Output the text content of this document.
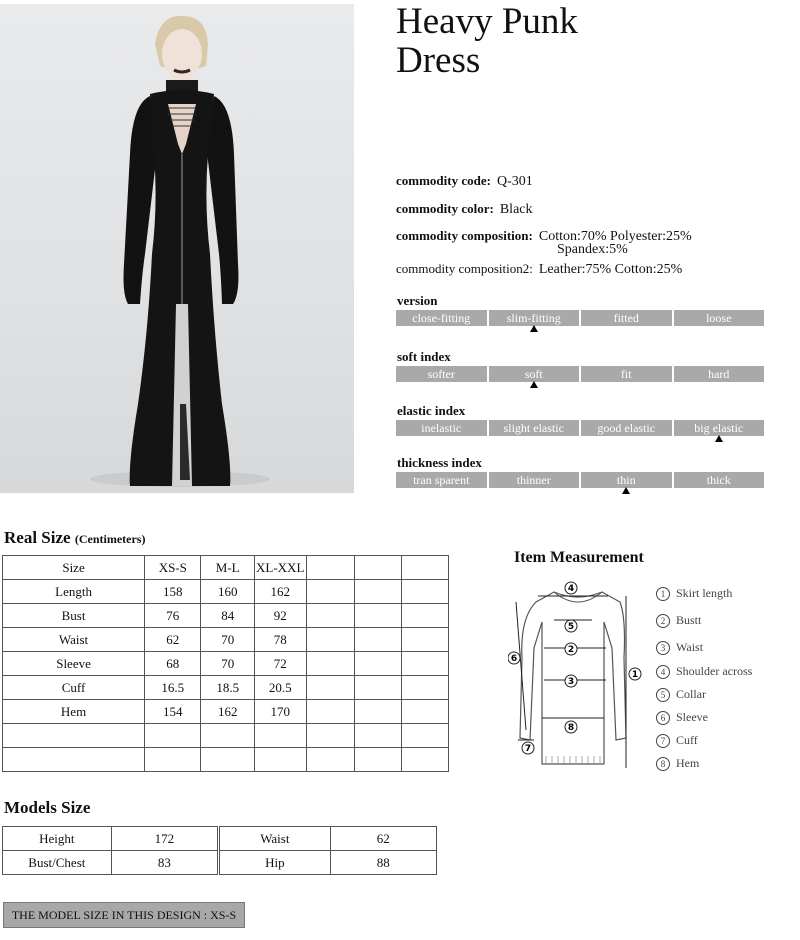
Heavy Punk
Dress
commodity code: Q-301
commodity color: Black
commodity composition: Cotton:70% Polyester:25%
Spandex:5%
commodity composition2: Leather:75% Cotton:25%
version
close-fitting	slim-fitting	fitted	loose
soft index
softer	soft	fit	hard
elastic index
inelastic	slight elastic	good elastic	big elastic
thickness index
tran sparent	thinner	thin	thick
Real Size (Centimeters)
Size	XS-S	M-L	XL-XXL			
Length	158	160	162			
Bust	76	84	92			
Waist	62	70	78			
Sleeve	68	70	72			
Cuff	16.5	18.5	20.5			
Hem	154	162	170			

Item Measurement
4
5
2
3
8
1
6
7
1 Skirt length
2 Bustt
3 Waist
4 Shoulder across
5 Collar
6 Sleeve
7 Cuff
8 Hem
Models Size
Height	172	Waist	62
Bust/Chest	83	Hip	88
THE MODEL SIZE IN THIS DESIGN : XS-S
